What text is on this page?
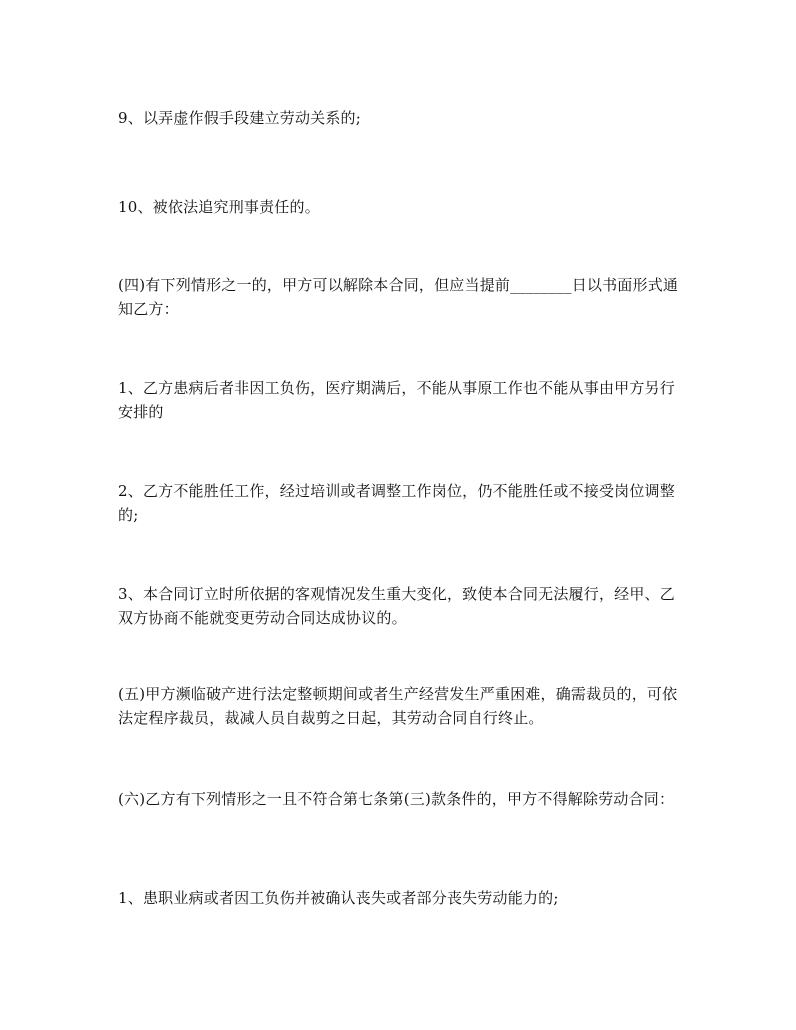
9、以弄虚作假手段建立劳动关系的;

10、被依法追究刑事责任的。

(四)有下列情形之一的，甲方可以解除本合同，但应当提前________日以书面形式通知乙方：

1、乙方患病后者非因工负伤，医疗期满后，不能从事原工作也不能从事由甲方另行安排的

2、乙方不能胜任工作，经过培训或者调整工作岗位，仍不能胜任或不接受岗位调整的;

3、本合同订立时所依据的客观情况发生重大变化，致使本合同无法履行，经甲、乙双方协商不能就变更劳动合同达成协议的。

(五)甲方濒临破产进行法定整顿期间或者生产经营发生严重困难，确需裁员的，可依法定程序裁员，裁减人员自裁剪之日起，其劳动合同自行终止。

(六)乙方有下列情形之一且不符合第七条第(三)款条件的，甲方不得解除劳动合同：

1、患职业病或者因工负伤并被确认丧失或者部分丧失劳动能力的;
